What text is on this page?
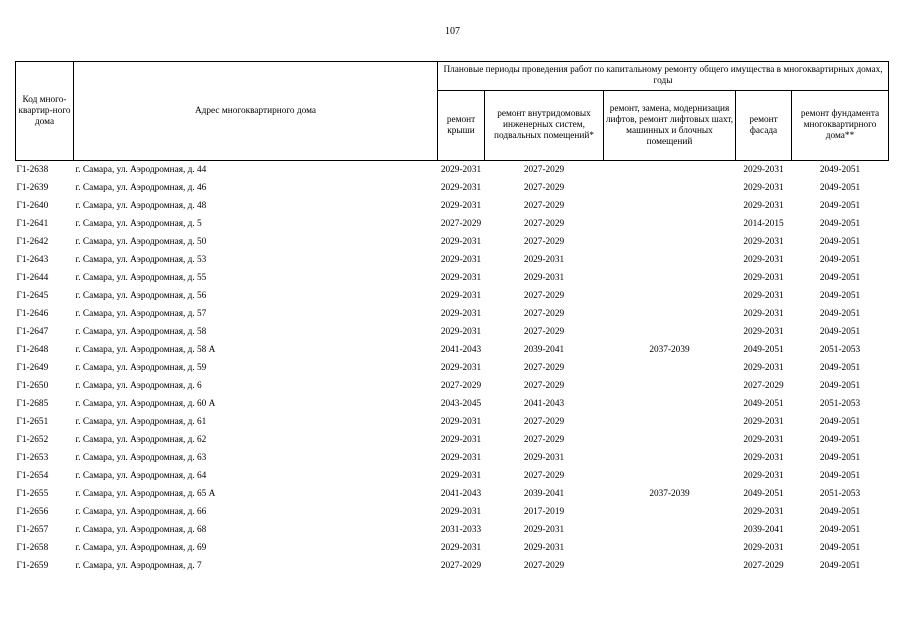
107
Код много-квартир-ного дома	Адрес многоквартирного дома	Плановые периоды проведения работ по капитальному ремонту общего имущества в многоквартирных домах, годы				
		ремонт крыши	ремонт внутридомовых инженерных систем, подвальных помещений*	ремонт, замена, модернизация лифтов, ремонт лифтовых шахт, машинных и блочных помещений	ремонт фасада	ремонт фундамента многоквартирного дома**
Г1-2638	г. Самара, ул. Аэродромная, д. 44	2029-2031	2027-2029		2029-2031	2049-2051
Г1-2639	г. Самара, ул. Аэродромная, д. 46	2029-2031	2027-2029		2029-2031	2049-2051
Г1-2640	г. Самара, ул. Аэродромная, д. 48	2029-2031	2027-2029		2029-2031	2049-2051
Г1-2641	г. Самара, ул. Аэродромная, д. 5	2027-2029	2027-2029		2014-2015	2049-2051
Г1-2642	г. Самара, ул. Аэродромная, д. 50	2029-2031	2027-2029		2029-2031	2049-2051
Г1-2643	г. Самара, ул. Аэродромная, д. 53	2029-2031	2029-2031		2029-2031	2049-2051
Г1-2644	г. Самара, ул. Аэродромная, д. 55	2029-2031	2029-2031		2029-2031	2049-2051
Г1-2645	г. Самара, ул. Аэродромная, д. 56	2029-2031	2027-2029		2029-2031	2049-2051
Г1-2646	г. Самара, ул. Аэродромная, д. 57	2029-2031	2027-2029		2029-2031	2049-2051
Г1-2647	г. Самара, ул. Аэродромная, д. 58	2029-2031	2027-2029		2029-2031	2049-2051
Г1-2648	г. Самара, ул. Аэродромная, д. 58 А	2041-2043	2039-2041	2037-2039	2049-2051	2051-2053
Г1-2649	г. Самара, ул. Аэродромная, д. 59	2029-2031	2027-2029		2029-2031	2049-2051
Г1-2650	г. Самара, ул. Аэродромная, д. 6	2027-2029	2027-2029		2027-2029	2049-2051
Г1-2685	г. Самара, ул. Аэродромная, д. 60 А	2043-2045	2041-2043		2049-2051	2051-2053
Г1-2651	г. Самара, ул. Аэродромная, д. 61	2029-2031	2027-2029		2029-2031	2049-2051
Г1-2652	г. Самара, ул. Аэродромная, д. 62	2029-2031	2027-2029		2029-2031	2049-2051
Г1-2653	г. Самара, ул. Аэродромная, д. 63	2029-2031	2029-2031		2029-2031	2049-2051
Г1-2654	г. Самара, ул. Аэродромная, д. 64	2029-2031	2027-2029		2029-2031	2049-2051
Г1-2655	г. Самара, ул. Аэродромная, д. 65 А	2041-2043	2039-2041	2037-2039	2049-2051	2051-2053
Г1-2656	г. Самара, ул. Аэродромная, д. 66	2029-2031	2017-2019		2029-2031	2049-2051
Г1-2657	г. Самара, ул. Аэродромная, д. 68	2031-2033	2029-2031		2039-2041	2049-2051
Г1-2658	г. Самара, ул. Аэродромная, д. 69	2029-2031	2029-2031		2029-2031	2049-2051
Г1-2659	г. Самара, ул. Аэродромная, д. 7	2027-2029	2027-2029		2027-2029	2049-2051
